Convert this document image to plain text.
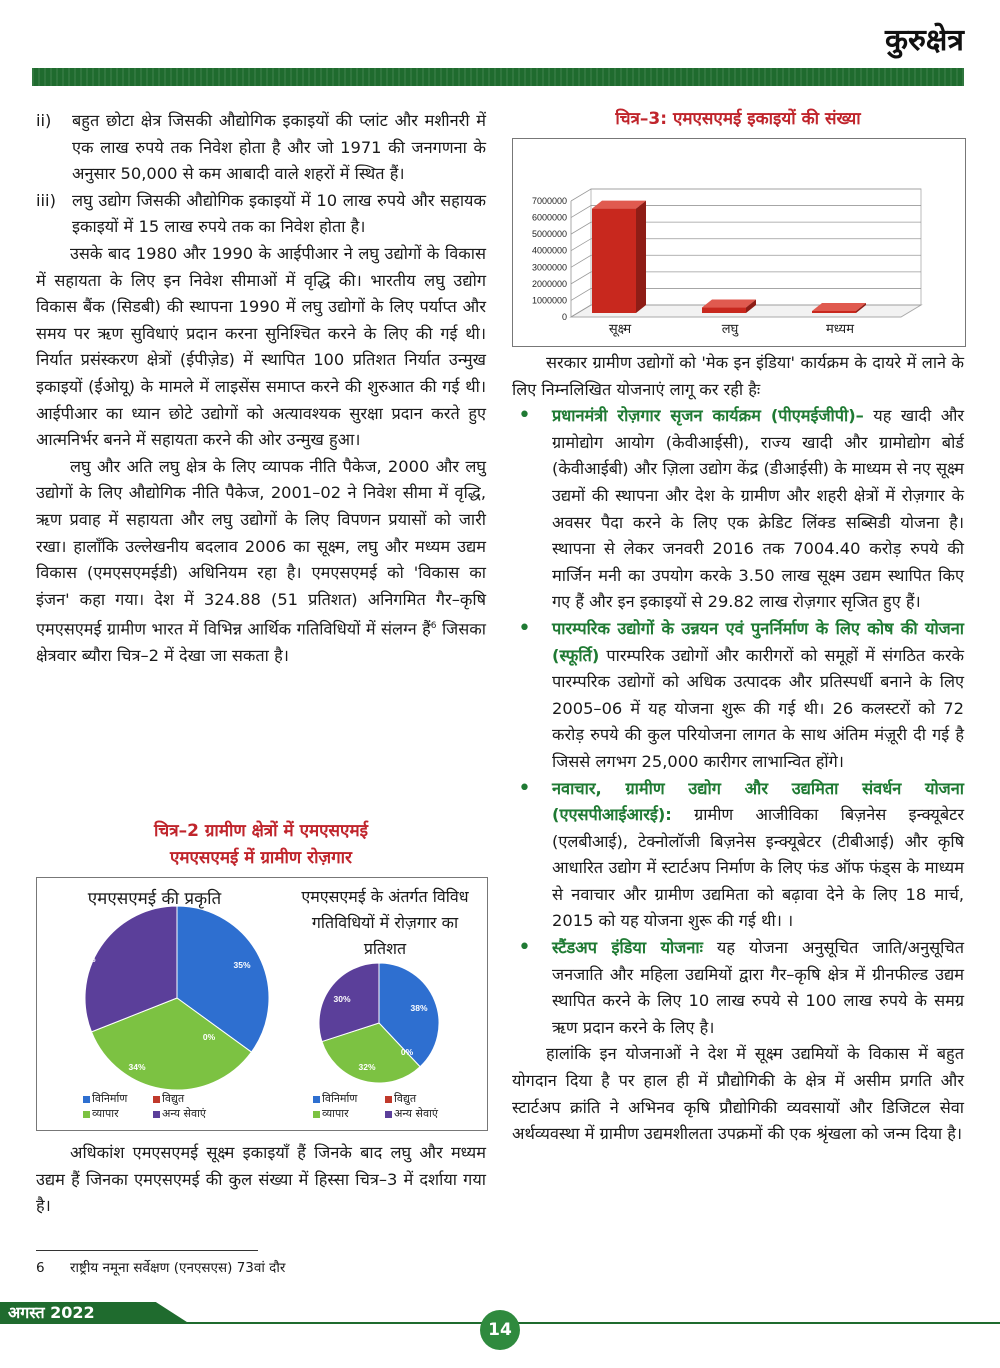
कुरुक्षेत्र
ii)	बहुत छोटा क्षेत्र जिसकी औद्योगिक इकाइयों की प्लांट और मशीनरी में एक लाख रुपये तक निवेश होता है और जो 1971 की जनगणना के अनुसार 50,000 से कम आबादी वाले शहरों में स्थित हैं।
iii) लघु उद्योग जिसकी औद्योगिक इकाइयों में 10 लाख रुपये और सहायक इकाइयों में 15 लाख रुपये तक का निवेश होता है।

उसके बाद 1980 और 1990 के आईपीआर ने लघु उद्योगों के विकास में सहायता के लिए इन निवेश सीमाओं में वृद्धि की। भारतीय लघु उद्योग विकास बैंक (सिडबी) की स्थापना 1990 में लघु उद्योगों के लिए पर्याप्त और समय पर ऋण सुविधाएं प्रदान करना सुनिश्चित करने के लिए की गई थी। निर्यात प्रसंस्करण क्षेत्रों (ईपीज़ेड) में स्थापित 100 प्रतिशत निर्यात उन्मुख इकाइयों (ईओयू) के मामले में लाइसेंस समाप्त करने की शुरुआत की गई थी। आईपीआर का ध्यान छोटे उद्योगों को अत्यावश्यक सुरक्षा प्रदान करते हुए आत्मनिर्भर बनने में सहायता करने की ओर उन्मुख हुआ।

लघु और अति लघु क्षेत्र के लिए व्यापक नीति पैकेज, 2000 और लघु उद्योगों के लिए औद्योगिक नीति पैकेज, 2001–02 ने निवेश सीमा में वृद्धि, ऋण प्रवाह में सहायता और लघु उद्योगों के लिए विपणन प्रयासों को जारी रखा। हालाँकि उल्लेखनीय बदलाव 2006 का सूक्ष्म, लघु और मध्यम उद्यम विकास (एमएसएमईडी) अधिनियम रहा है। एमएसएमई को 'विकास का इंजन' कहा गया। देश में 324.88 (51 प्रतिशत) अनिगमित गैर–कृषि एमएसएमई ग्रामीण भारत में विभिन्न आर्थिक गतिविधियों में संलग्न हैं$^6$ जिसका क्षेत्रवार ब्यौरा चित्र–2 में देखा जा सकता है।

चित्र–2 ग्रामीण क्षेत्रों में एमएसएमई
एमएसएमई में ग्रामीण रोज़गार
एमएसएमई की प्रकृति	एमएसएमई के अंतर्गत विविध गतिविधियों में रोज़गार का प्रतिशत
35%
0%
34%
31%
38%
0%
32%
30%
विनिर्माण	विद्युत
व्यापार	अन्य सेवाएं
विनिर्माण	विद्युत
व्यापार	अन्य सेवाएं

अधिकांश एमएसएमई सूक्ष्म इकाइयाँ हैं जिनके बाद लघु और मध्यम उद्यम हैं जिनका एमएसएमई की कुल संख्या में हिस्सा चित्र–3 में दर्शाया गया है।

6 राष्ट्रीय नमूना सर्वेक्षण (एनएसएस) 73वां दौर
चित्र–3: एमएसएमई इकाइयों की संख्या
0
1000000
2000000
3000000
4000000
5000000
6000000
7000000
सूक्ष्म	लघु	मध्यम

सरकार ग्रामीण उद्योगों को 'मेक इन इंडिया' कार्यक्रम के दायरे में लाने के लिए निम्नलिखित योजनाएं लागू कर रही हैः

•	प्रधानमंत्री रोज़गार सृजन कार्यक्रम (पीएमईजीपी)– यह खादी और ग्रामोद्योग आयोग (केवीआईसी), राज्य खादी और ग्रामोद्योग बोर्ड (केवीआईबी) और ज़िला उद्योग केंद्र (डीआईसी) के माध्यम से नए सूक्ष्म उद्यमों की स्थापना और देश के ग्रामीण और शहरी क्षेत्रों में रोज़गार के अवसर पैदा करने के लिए एक क्रेडिट लिंक्ड सब्सिडी योजना है। स्थापना से लेकर जनवरी 2016 तक 7004.40 करोड़ रुपये की मार्जिन मनी का उपयोग करके 3.50 लाख सूक्ष्म उद्यम स्थापित किए गए हैं और इन इकाइयों से 29.82 लाख रोज़गार सृजित हुए हैं।
•	पारम्परिक उद्योगों के उन्नयन एवं पुनर्निर्माण के लिए कोष की योजना (स्फूर्ति) पारम्परिक उद्योगों और कारीगरों को समूहों में संगठित करके पारम्परिक उद्योगों को अधिक उत्पादक और प्रतिस्पर्धी बनाने के लिए 2005–06 में यह योजना शुरू की गई थी। 26 कलस्टरों को 72 करोड़ रुपये की कुल परियोजना लागत के साथ अंतिम मंज़ूरी दी गई है जिससे लगभग 25,000 कारीगर लाभान्वित होंगे।
•	नवाचार, ग्रामीण उद्योग और उद्यमिता संवर्धन योजना (एएसपीआईआरई): ग्रामीण आजीविका बिज़नेस इन्क्यूबेटर (एलबीआई), टेक्नोलॉजी बिज़नेस इन्क्यूबेटर (टीबीआई) और कृषि आधारित उद्योग में स्टार्टअप निर्माण के लिए फंड ऑफ फंड्स के माध्यम से नवाचार और ग्रामीण उद्यमिता को बढ़ावा देने के लिए 18 मार्च, 2015 को यह योजना शुरू की गई थी। ।
•	स्टैंडअप इंडिया योजनाः यह योजना अनुसूचित जाति/अनुसूचित जनजाति और महिला उद्यमियों द्वारा गैर–कृषि क्षेत्र में ग्रीनफील्ड उद्यम स्थापित करने के लिए 10 लाख रुपये से 100 लाख रुपये के समग्र ऋण प्रदान करने के लिए है।

हालांकि इन योजनाओं ने देश में सूक्ष्म उद्यमियों के विकास में बहुत योगदान दिया है पर हाल ही में प्रौद्योगिकी के क्षेत्र में असीम प्रगति और स्टार्टअप क्रांति ने अभिनव कृषि प्रौद्योगिकी व्यवसायों और डिजिटल सेवा अर्थव्यवस्था में ग्रामीण उद्यमशीलता उपक्रमों की एक श्रृंखला को जन्म दिया है।

अगस्त 2022
14
